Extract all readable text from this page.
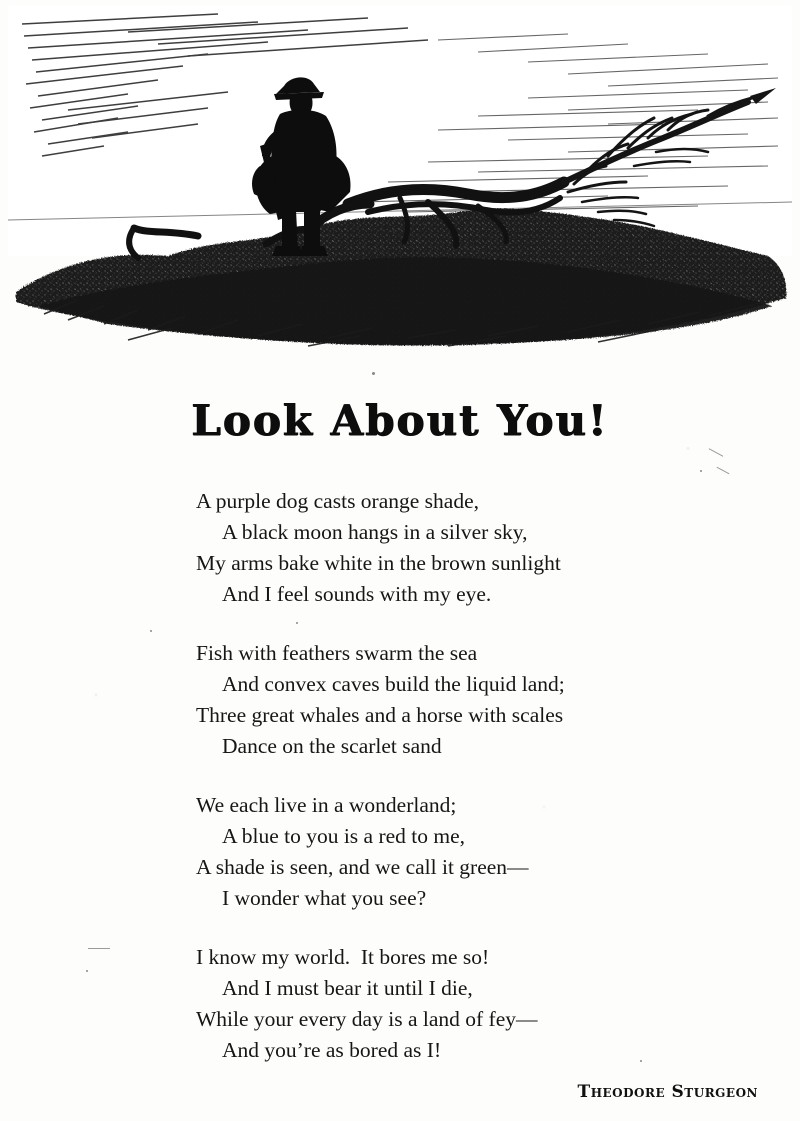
Look About You!
A purple dog casts orange shade,
A black moon hangs in a silver sky,
My arms bake white in the brown sunlight
And I feel sounds with my eye.
Fish with feathers swarm the sea
And convex caves build the liquid land;
Three great whales and a horse with scales
Dance on the scarlet sand
We each live in a wonderland;
A blue to you is a red to me,
A shade is seen, and we call it green—
I wonder what you see?
I know my world.  It bores me so!
And I must bear it until I die,
While your every day is a land of fey—
And you’re as bored as I!
Theodore Sturgeon
